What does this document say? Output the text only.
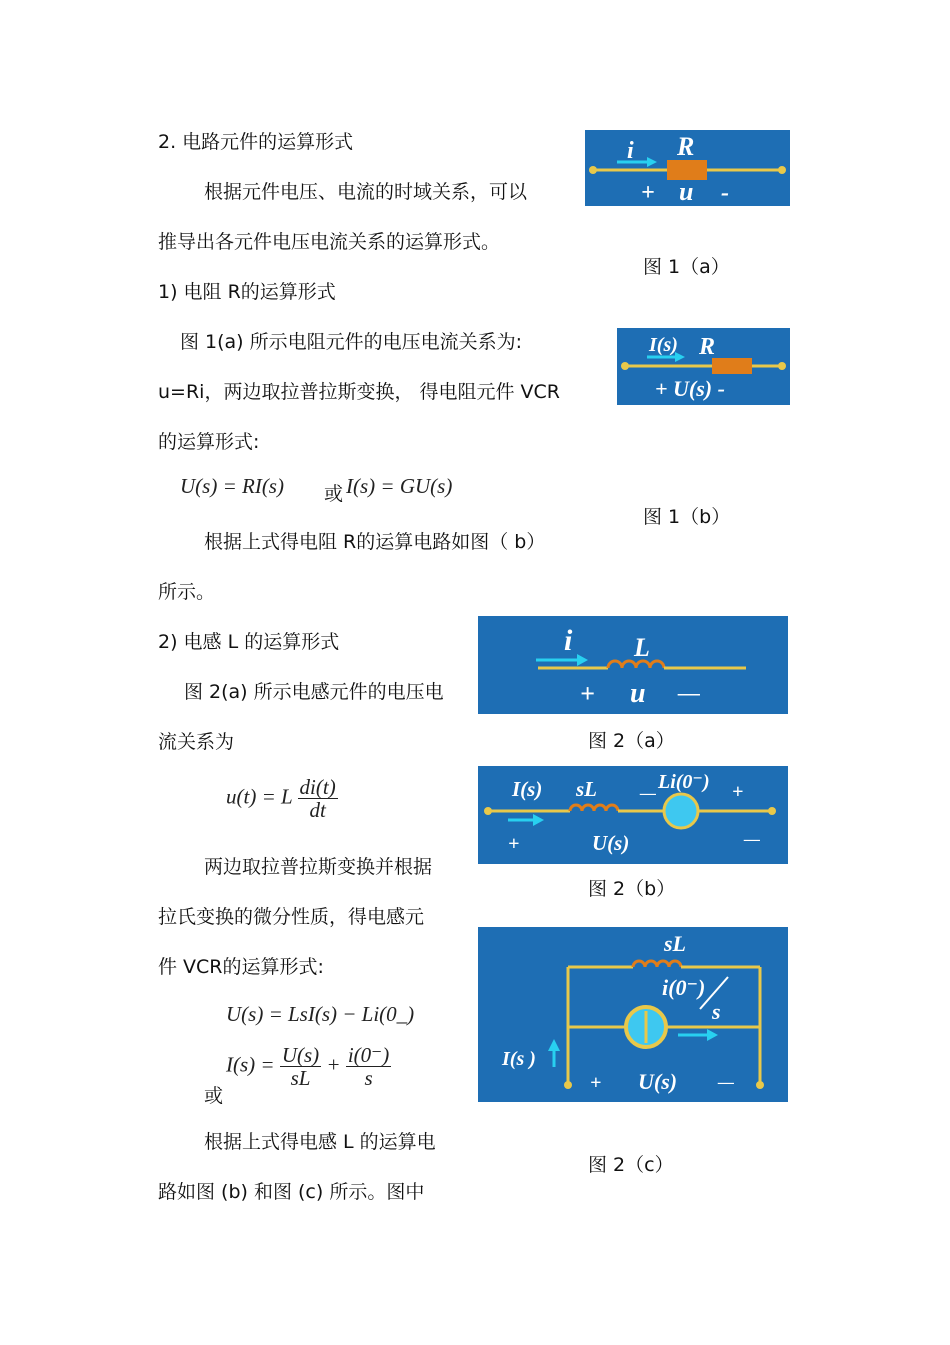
2. 电路元件的运算形式
根据元件电压、电流的时域关系，可以
推导出各元件电压电流关系的运算形式。
1) 电阻 R的运算形式
图 1(a) 所示电阻元件的电压电流关系为:
u=Ri，两边取拉普拉斯变换， 得电阻元件 VCR
的运算形式:
U(s) = RI(s) 或 I(s) = GU(s)
根据上式得电阻 R的运算电路如图（ b）
所示。
2) 电感 L 的运算形式
图 2(a) 所示电感元件的电压电
流关系为
u(t) = L $\frac{di(t)}{dt}$
两边取拉普拉斯变换并根据
拉氏变换的微分性质，得电感元
件 VCR的运算形式:
U(s) = LsI(s) − Li(0_)
$I(s) = \frac{U(s)}{sL} + \frac{i(0^-)}{s}$
或
根据上式得电感 L 的运算电
路如图 (b) 和图 (c) 所示。图中
i R
+ u -
图 1（a）
I(s) R
+ U(s) -
图 1（b）
i L
+ u —
图 2（a）
I(s) sL	Li(0⁻)
—	+
+	U(s)	—
图 2（b）
sL
i(0⁻)
s
I(s )
+ U(s)	—
图 2（c）
